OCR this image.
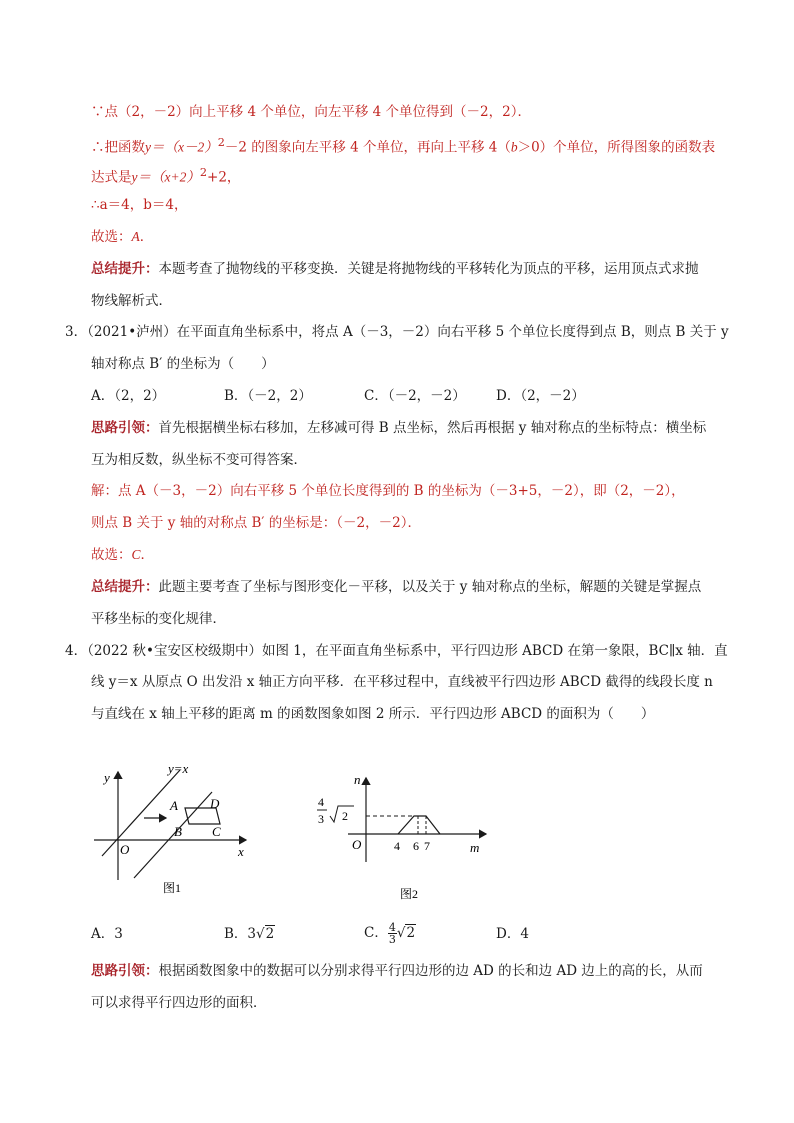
∵点（2，－2）向上平移 4 个单位，向左平移 4 个单位得到（－2，2）．
∴把函数$y=(x-2)^2-2$ 的图象向左平移 4 个单位，再向上平移 4（b＞0）个单位，所得图象的函数表
达式是$y=(x+2)^2+2$，
∴a＝4，b＝4，
故选：A．
总结提升：本题考查了抛物线的平移变换．关键是将抛物线的平移转化为顶点的平移，运用顶点式求抛
物线解析式．
3．（2021•泸州）在平面直角坐标系中，将点 A（－3，－2）向右平移 5 个单位长度得到点 B，则点 B 关于 y
轴对称点 B′ 的坐标为（　　）
A．（2，2）	B．（－2，2）	C．（－2，－2） D．（2，－2）
思路引领：首先根据横坐标右移加，左移减可得 B 点坐标，然后再根据 y 轴对称点的坐标特点：横坐标
互为相反数，纵坐标不变可得答案．
解：点 A（－3，－2）向右平移 5 个单位长度得到的 B 的坐标为（－3+5，－2），即（2，－2），
则点 B 关于 y 轴的对称点 B′ 的坐标是：（－2，－2）．
故选：C．
总结提升：此题主要考查了坐标与图形变化－平移，以及关于 y 轴对称点的坐标，解题的关键是掌握点
平移坐标的变化规律．
4．（2022 秋•宝安区校级期中）如图 1，在平面直角坐标系中，平行四边形 ABCD 在第一象限，BC∥x 轴．直
线 y＝x 从原点 O 出发沿 x 轴正方向平移．在平移过程中，直线被平行四边形 ABCD 截得的线段长度 n
与直线在 x 轴上平移的距离 m 的函数图象如图 2 所示．平行四边形 ABCD 的面积为（　　）
y
y=x
O	x
A D
B C
图1
n
4
3 2
O	4 6 7	m
图2
A．3	B．3√2	C． $\frac{4}{3} √2$	D．4
思路引领：根据函数图象中的数据可以分别求得平行四边形的边 AD 的长和边 AD 边上的高的长，从而
可以求得平行四边形的面积．
